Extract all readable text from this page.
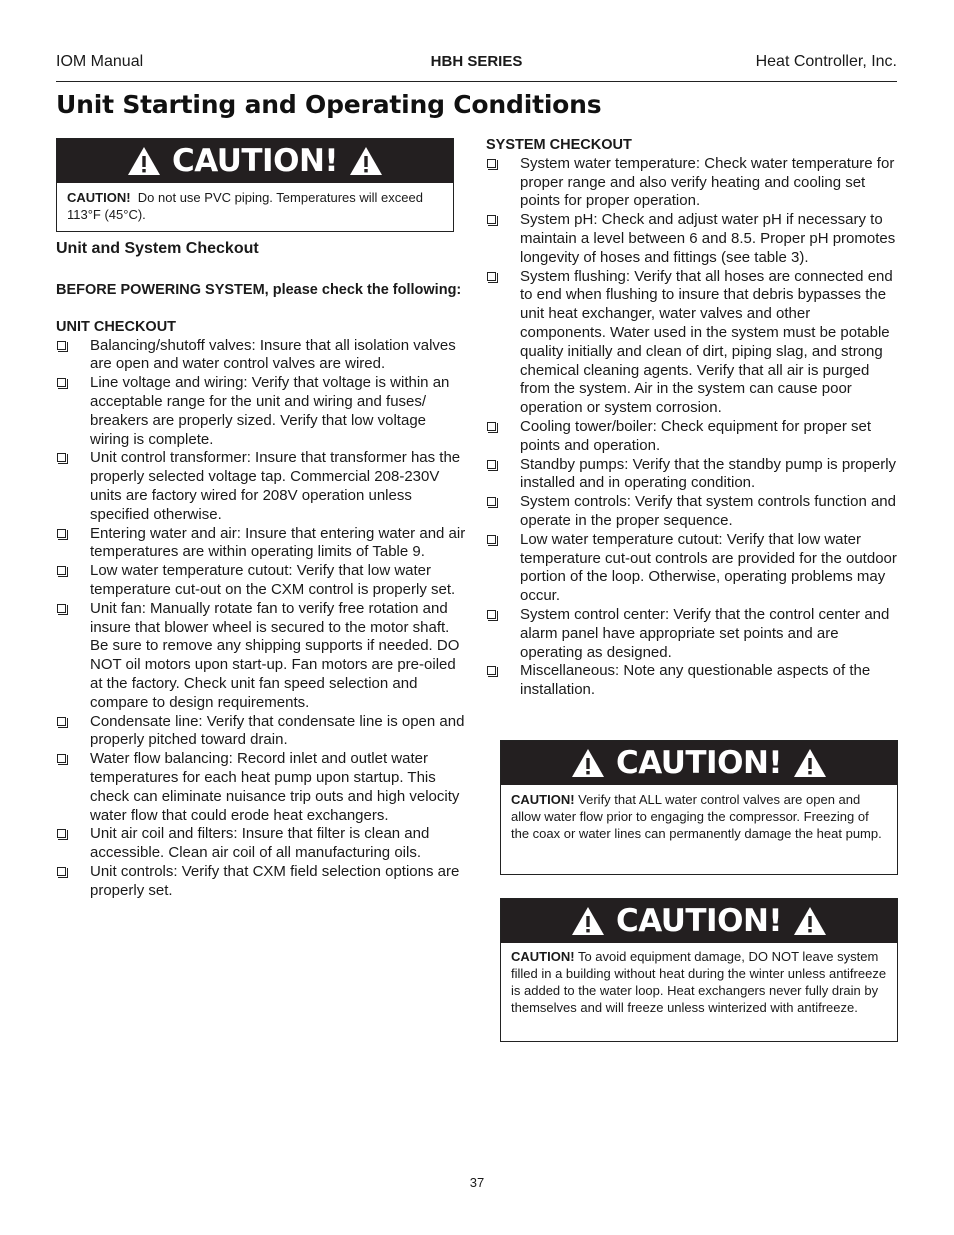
IOM Manual	HBH SERIES	Heat Controller, Inc.
Unit Starting and Operating Conditions
CAUTION!
CAUTION! Do not use PVC piping. Temperatures will exceed 113°F (45°C).
Unit and System Checkout
BEFORE POWERING SYSTEM, please check the following:
UNIT CHECKOUT
Balancing/shutoff valves: Insure that all isolation valves are open and water control valves are wired.
Line voltage and wiring: Verify that voltage is within an acceptable range for the unit and wiring and fuses/ breakers are properly sized. Verify that low voltage wiring is complete.
Unit control transformer: Insure that transformer has the properly selected voltage tap. Commercial 208-230V units are factory wired for 208V operation unless specified otherwise.
Entering water and air: Insure that entering water and air temperatures are within operating limits of Table 9.
Low water temperature cutout: Verify that low water temperature cut-out on the CXM control is properly set.
Unit fan: Manually rotate fan to verify free rotation and insure that blower wheel is secured to the motor shaft. Be sure to remove any shipping supports if needed. DO NOT oil motors upon start-up. Fan motors are pre-oiled at the factory. Check unit fan speed selection and compare to design requirements.
Condensate line: Verify that condensate line is open and properly pitched toward drain.
Water flow balancing: Record inlet and outlet water temperatures for each heat pump upon startup. This check can eliminate nuisance trip outs and high velocity water flow that could erode heat exchangers.
Unit air coil and filters: Insure that filter is clean and accessible. Clean air coil of all manufacturing oils.
Unit controls: Verify that CXM field selection options are properly set.
SYSTEM CHECKOUT
System water temperature: Check water temperature for proper range and also verify heating and cooling set points for proper operation.
System pH: Check and adjust water pH if necessary to maintain a level between 6 and 8.5. Proper pH promotes longevity of hoses and fittings (see table 3).
System flushing: Verify that all hoses are connected end to end when flushing to insure that debris bypasses the unit heat exchanger, water valves and other components. Water used in the system must be potable quality initially and clean of dirt, piping slag, and strong chemical cleaning agents. Verify that all air is purged from the system. Air in the system can cause poor operation or system corrosion.
Cooling tower/boiler: Check equipment for proper set points and operation.
Standby pumps: Verify that the standby pump is properly installed and in operating condition.
System controls: Verify that system controls function and operate in the proper sequence.
Low water temperature cutout: Verify that low water temperature cut-out controls are provided for the outdoor portion of the loop. Otherwise, operating problems may occur.
System control center: Verify that the control center and alarm panel have appropriate set points and are operating as designed.
Miscellaneous: Note any questionable aspects of the installation.
CAUTION!
CAUTION! Verify that ALL water control valves are open and allow water flow prior to engaging the compressor. Freezing of the coax or water lines can permanently damage the heat pump.
CAUTION!
CAUTION! To avoid equipment damage, DO NOT leave system filled in a building without heat during the winter unless antifreeze is added to the water loop. Heat exchangers never fully drain by themselves and will freeze unless winterized with antifreeze.
37
